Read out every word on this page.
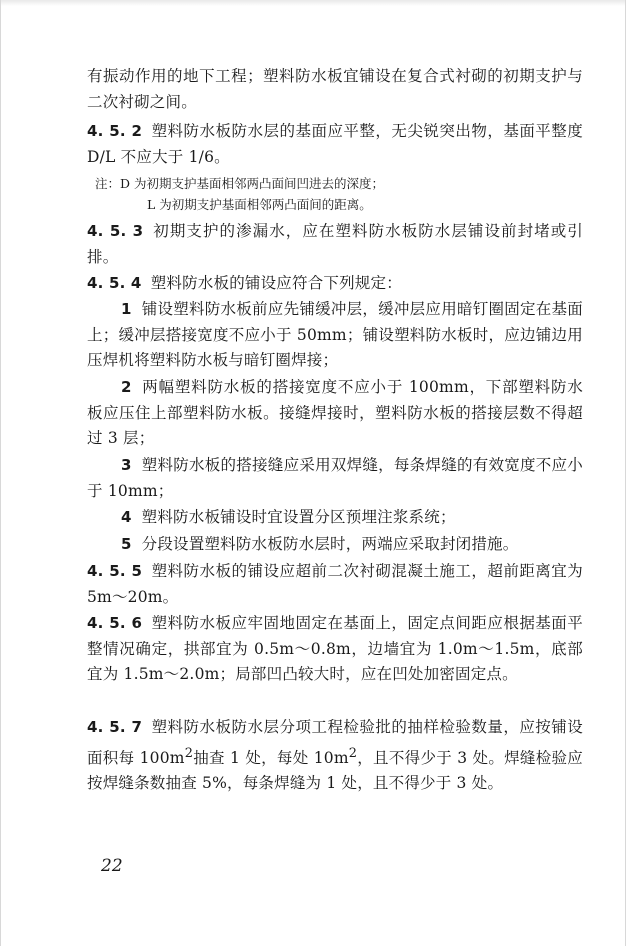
有振动作用的地下工程；塑料防水板宜铺设在复合式衬砌的初期支护与二次衬砌之间。
4. 5. 2 塑料防水板防水层的基面应平整，无尖锐突出物，基面平整度 D/L 不应大于 1/6。
注：D 为初期支护基面相邻两凸面间凹进去的深度；
L 为初期支护基面相邻两凸面间的距离。
4. 5. 3 初期支护的渗漏水，应在塑料防水板防水层铺设前封堵或引排。
4. 5. 4 塑料防水板的铺设应符合下列规定：
1 铺设塑料防水板前应先铺缓冲层，缓冲层应用暗钉圈固定在基面上；缓冲层搭接宽度不应小于 50mm；铺设塑料防水板时，应边铺边用压焊机将塑料防水板与暗钉圈焊接；
2 两幅塑料防水板的搭接宽度不应小于 100mm，下部塑料防水板应压住上部塑料防水板。接缝焊接时，塑料防水板的搭接层数不得超过 3 层；
3 塑料防水板的搭接缝应采用双焊缝，每条焊缝的有效宽度不应小于 10mm；
4 塑料防水板铺设时宜设置分区预埋注浆系统；
5 分段设置塑料防水板防水层时，两端应采取封闭措施。
4. 5. 5 塑料防水板的铺设应超前二次衬砌混凝土施工，超前距离宜为 5m～20m。
4. 5. 6 塑料防水板应牢固地固定在基面上，固定点间距应根据基面平整情况确定，拱部宜为 0.5m～0.8m，边墙宜为 1.0m～1.5m，底部宜为 1.5m～2.0m；局部凹凸较大时，应在凹处加密固定点。
4. 5. 7 塑料防水板防水层分项工程检验批的抽样检验数量，应按铺设面积每 $100m^2$抽查 1 处，每处 $10m^2$，且不得少于 3 处。焊缝检验应按焊缝条数抽查 5%，每条焊缝为 1 处，且不得少于 3 处。
22
